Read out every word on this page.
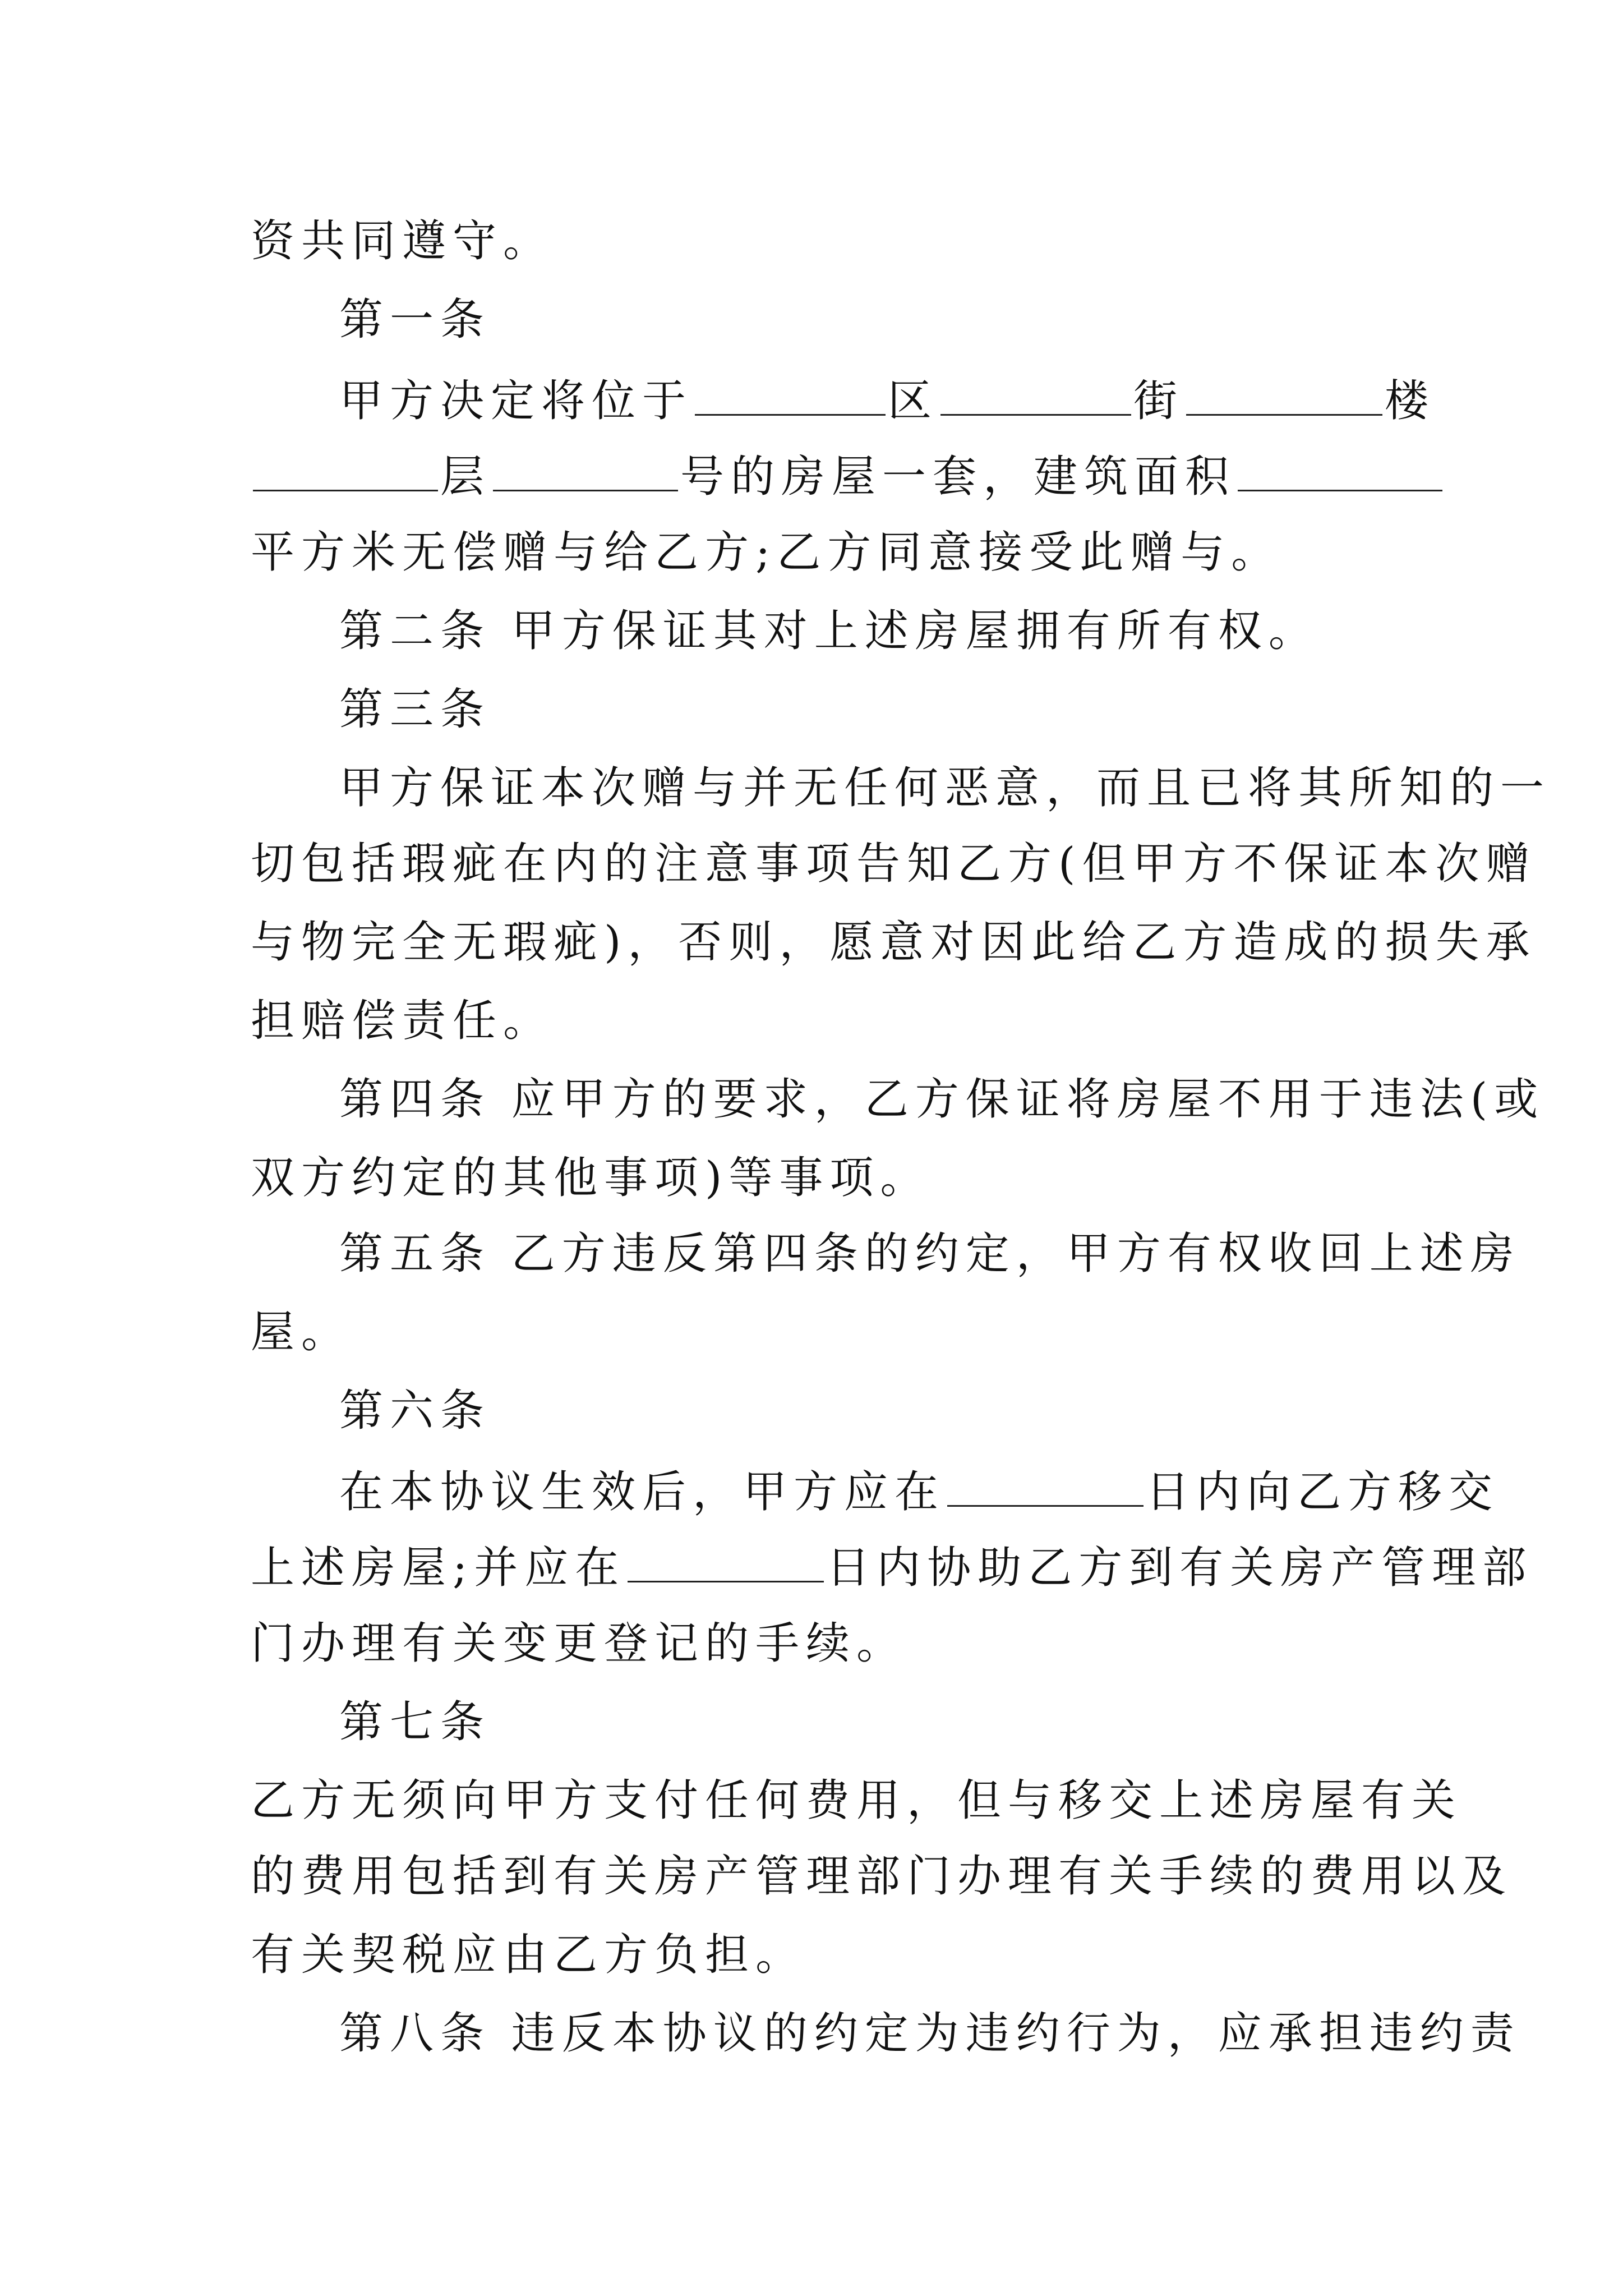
资共同遵守。
第一条
甲方决定将位于	区	街	楼
层	号的房屋一套，建筑面积
平方米无偿赠与给乙方;乙方同意接受此赠与。
第二条 甲方保证其对上述房屋拥有所有权。
第三条
甲方保证本次赠与并无任何恶意，而且已将其所知的一
切包括瑕疵在内的注意事项告知乙方(但甲方不保证本次赠
与物完全无瑕疵)，否则，愿意对因此给乙方造成的损失承
担赔偿责任。
第四条 应甲方的要求，乙方保证将房屋不用于违法(或
双方约定的其他事项)等事项。
第五条 乙方违反第四条的约定，甲方有权收回上述房
屋。
第六条
在本协议生效后，甲方应在	日内向乙方移交
上述房屋;并应在	日内协助乙方到有关房产管理部
门办理有关变更登记的手续。
第七条
乙方无须向甲方支付任何费用，但与移交上述房屋有关
的费用包括到有关房产管理部门办理有关手续的费用以及
有关契税应由乙方负担。
第八条 违反本协议的约定为违约行为，应承担违约责
